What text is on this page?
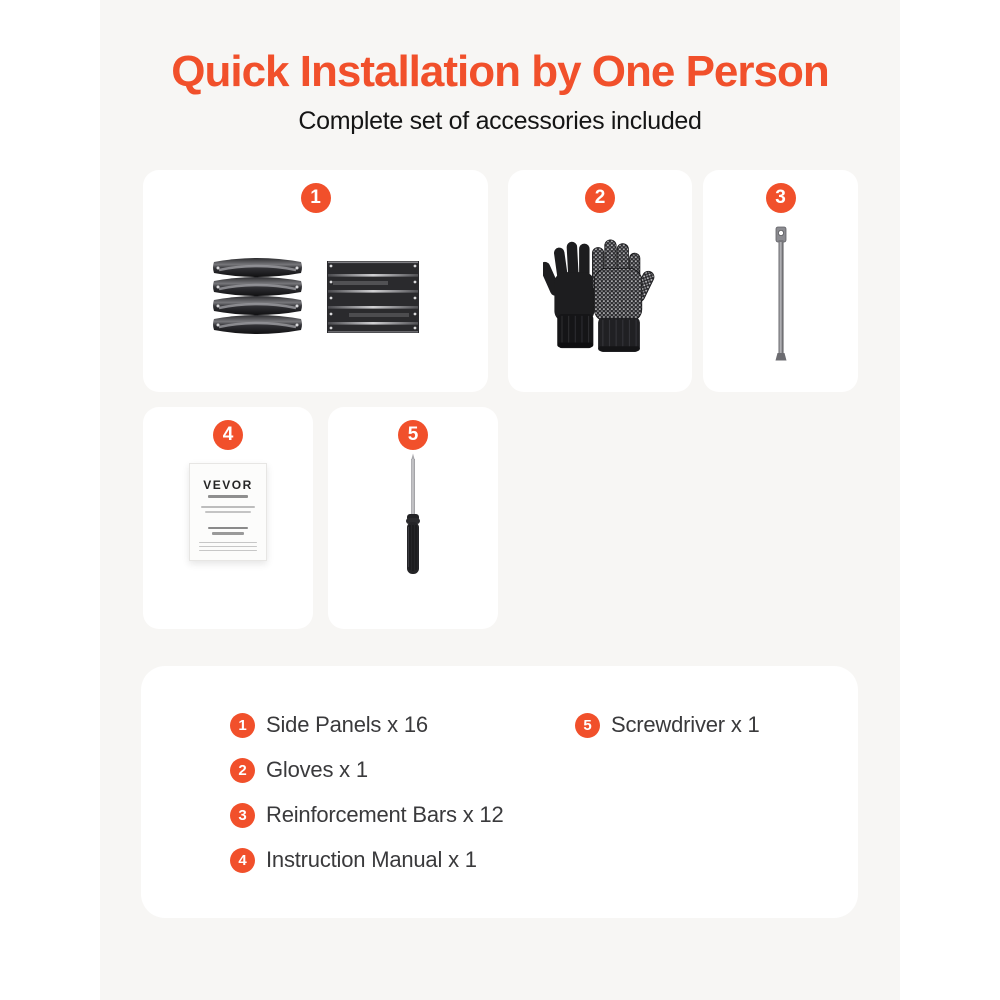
Quick Installation by One Person

Complete set of accessories included

1	2	3
4
VEVOR
5
1 Side Panels x 16
2 Gloves x 1
3 Reinforcement Bars x 12
4 Instruction Manual x 1
5 Screwdriver x 1
